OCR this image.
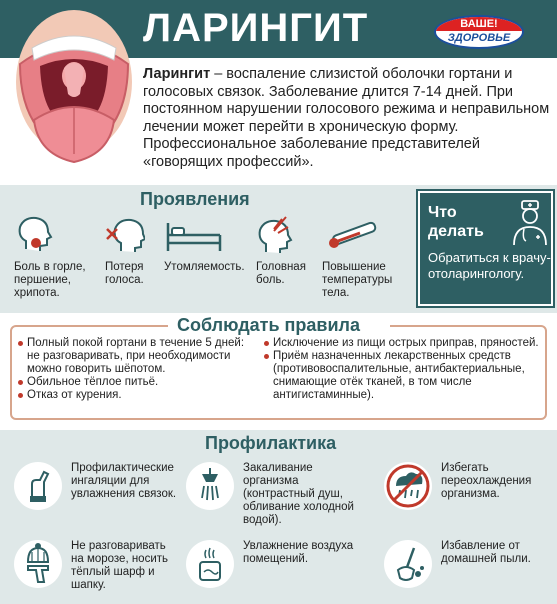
ЛАРИНГИТ	ВАШЕ!
ЗДОРОВЬЕ

Ларингит – воспаление слизистой оболочки гортани и голосовых связок. Заболевание длится 7-14 дней. При постоянном нарушении голосового режима и неправильном лечении может перейти в хроническую форму. Профессиональное заболевание представителей «говорящих профессий».

Проявления
Боль в горле, першение, хрипота.
Потеря голоса.
Утомляемость. Головная боль.
Повышение температуры тела.
Что делать
Обратиться к врачу-отоларингологу.
Соблюдать правила
Полный покой гортани в течение 5 дней: не разговаривать, при необходимости можно говорить шёпотом.
Обильное тёплое питьё.
Отказ от курения.
Исключение из пищи острых приправ, пряностей.
Приём назначенных лекарственных средств (противовоспалительные, антибактериальные, снимающие отёк тканей, в том числе антигистаминные).
Профилактика
Профилактические ингаляции для увлажнения связок.
Закаливание организма (контрастный душ, обливание холодной водой).
Избегать переохлаждения организма.
Не разговаривать на морозе, носить тёплый шарф и шапку.
Увлажнение воздуха помещений.
Избавление от домашней пыли.
